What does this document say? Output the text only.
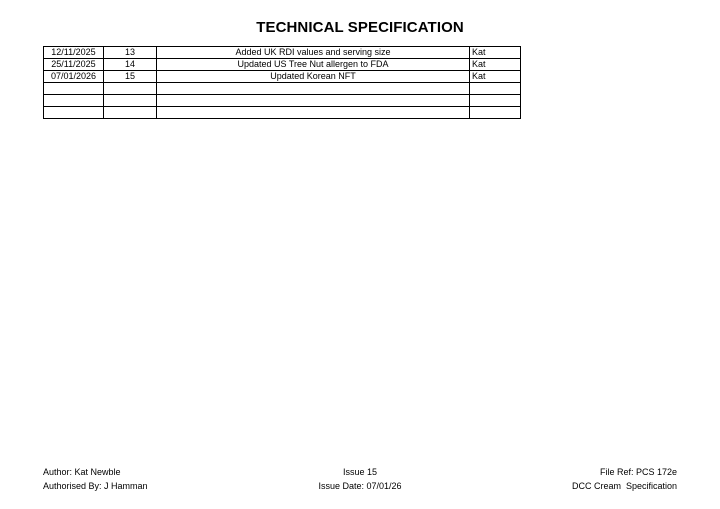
TECHNICAL SPECIFICATION
12/11/2025	13	Added UK RDI values and serving size	Kat
25/11/2025	14	Updated US Tree Nut allergen to FDA	Kat
07/01/2026	15	Updated Korean NFT	Kat

Author: Kat Newble
Authorised By: J Hamman
Issue 15
Issue Date: 07/01/26
File Ref: PCS 172e
DCC Cream  Specification
